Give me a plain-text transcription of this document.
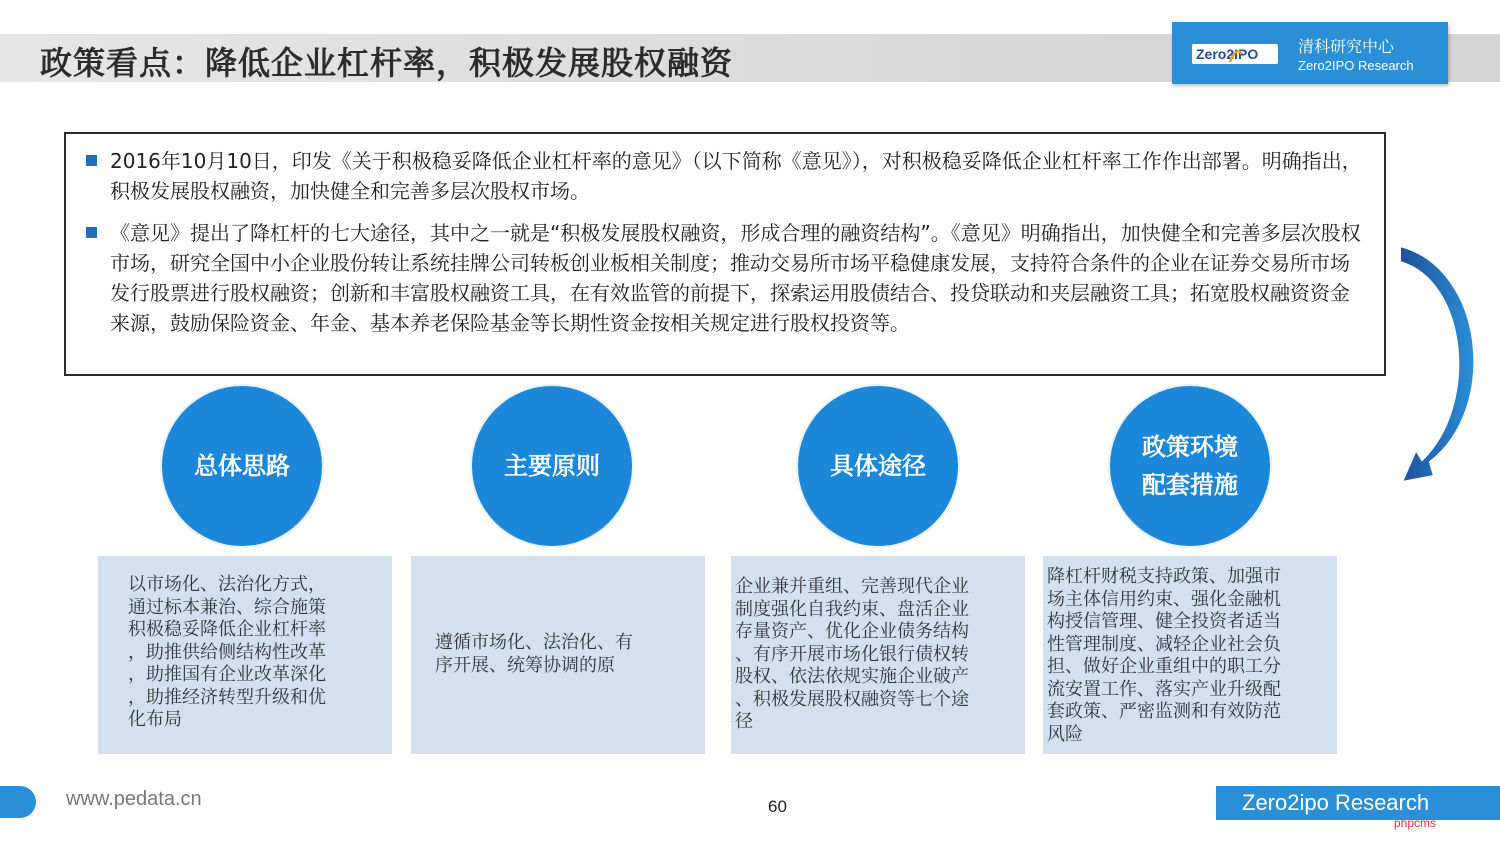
政策看点：降低企业杠杆率，积极发展股权融资	Zero2IPO 清科研究中心
Zero2IPO Research
2016年10月10日，印发《关于积极稳妥降低企业杠杆率的意见》（以下简称《意见》），对积极稳妥降低企业杠杆率工作作出部署。明确指出，积极发展股权融资，加快健全和完善多层次股权市场。
《意见》提出了降杠杆的七大途径，其中之一就是“积极发展股权融资，形成合理的融资结构”。《意见》明确指出，加快健全和完善多层次股权市场，研究全国中小企业股份转让系统挂牌公司转板创业板相关制度；推动交易所市场平稳健康发展，支持符合条件的企业在证券交易所市场发行股票进行股权融资；创新和丰富股权融资工具，在有效监管的前提下，探索运用股债结合、投贷联动和夹层融资工具；拓宽股权融资资金来源，鼓励保险资金、年金、基本养老保险基金等长期性资金按相关规定进行股权投资等。
总体思路	主要原则	具体途径
政策环境
配套措施
以市场化、法治化方式，
通过标本兼治、综合施策
积极稳妥降低企业杠杆率
，助推供给侧结构性改革
，助推国有企业改革深化
，助推经济转型升级和优
化布局
遵循市场化、法治化、有
序开展、统筹协调的原
企业兼并重组、完善现代企业
制度强化自我约束、盘活企业
存量资产、优化企业债务结构
、有序开展市场化银行债权转
股权、依法依规实施企业破产
、积极发展股权融资等七个途
径
降杠杆财税支持政策、加强市
场主体信用约束、强化金融机
构授信管理、健全投资者适当
性管理制度、减轻企业社会负
担、做好企业重组中的职工分
流安置工作、落实产业升级配
套政策、严密监测和有效防范
风险
www.pedata.cn	60	Zero2ipo Research
phpcms
